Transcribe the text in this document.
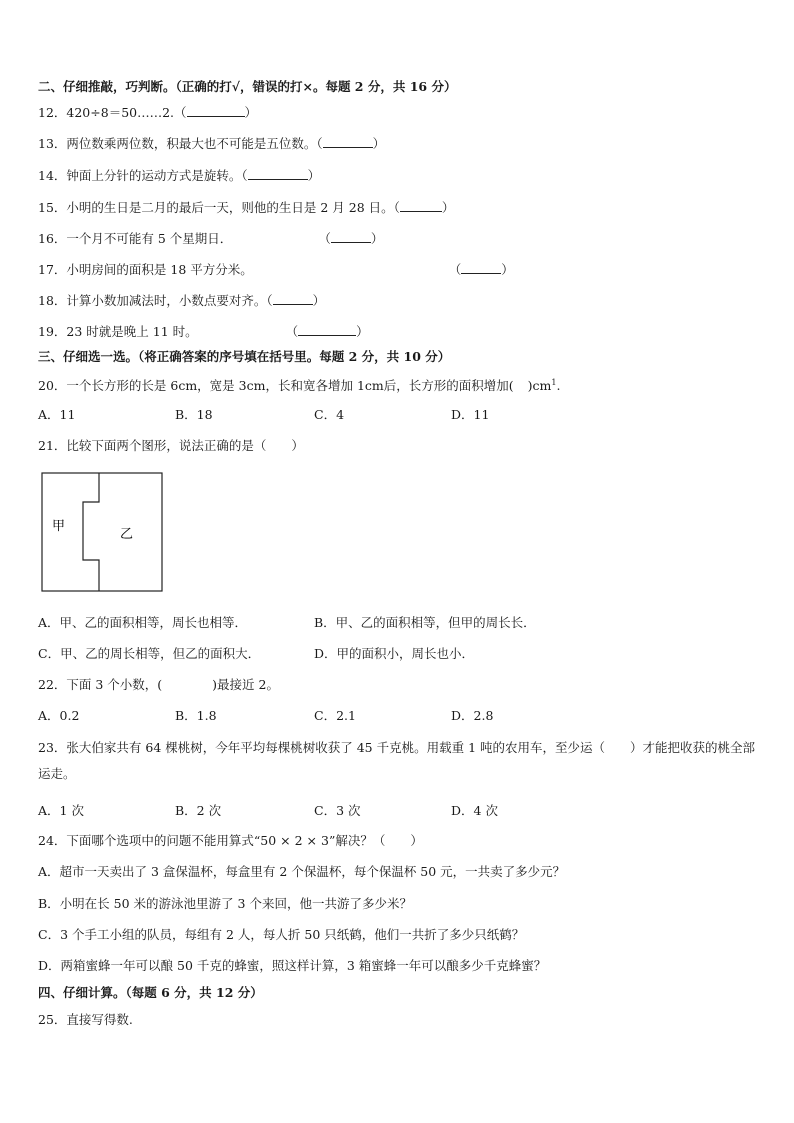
二、仔细推敲，巧判断。（正确的打√，错误的打×。每题 2 分，共 16 分）
12．420÷8＝50……2.（	）
13．两位数乘两位数，积最大也不可能是五位数。（	）
14．钟面上分针的运动方式是旋转。（	）
15．小明的生日是二月的最后一天，则他的生日是 2 月 28 日。（	）
16．一个月不可能有 5 个星期日．	（	）
17．小明房间的面积是 18 平方分米。	（	）
18．计算小数加减法时，小数点要对齐。（	）
19．23 时就是晚上 11 时。	（	）
三、仔细选一选。（将正确答案的序号填在括号里。每题 2 分，共 10 分）
20．一个长方形的长是 6cm，宽是 3cm，长和宽各增加 1cm后，长方形的面积增加( )$cm^1$.
A．11	B．18	C．4	D．11
21．比较下面两个图形，说法正确的是（　　）
甲
乙
A．甲、乙的面积相等，周长也相等．	B．甲、乙的面积相等，但甲的周长长．
C．甲、乙的周长相等，但乙的面积大．	D．甲的面积小，周长也小．
22．下面 3 个小数，(　　　　)最接近 2。
A．0.2	B．1.8	C．2.1	D．2.8
23．张大伯家共有 64 棵桃树，今年平均每棵桃树收获了 45 千克桃。用载重 1 吨的农用车，至少运（　　）才能把收获的桃全部运走。
A．1 次	B．2 次	C．3 次	D．4 次
24．下面哪个选项中的问题不能用算式“50 × 2 × 3”解决？（　　）
A．超市一天卖出了 3 盒保温杯，每盒里有 2 个保温杯，每个保温杯 50 元，一共卖了多少元？
B．小明在长 50 米的游泳池里游了 3 个来回，他一共游了多少米？
C．3 个手工小组的队员，每组有 2 人，每人折 50 只纸鹤，他们一共折了多少只纸鹤？
D．两箱蜜蜂一年可以酿 50 千克的蜂蜜，照这样计算，3 箱蜜蜂一年可以酿多少千克蜂蜜？
四、仔细计算。（每题 6 分，共 12 分）
25．直接写得数.
